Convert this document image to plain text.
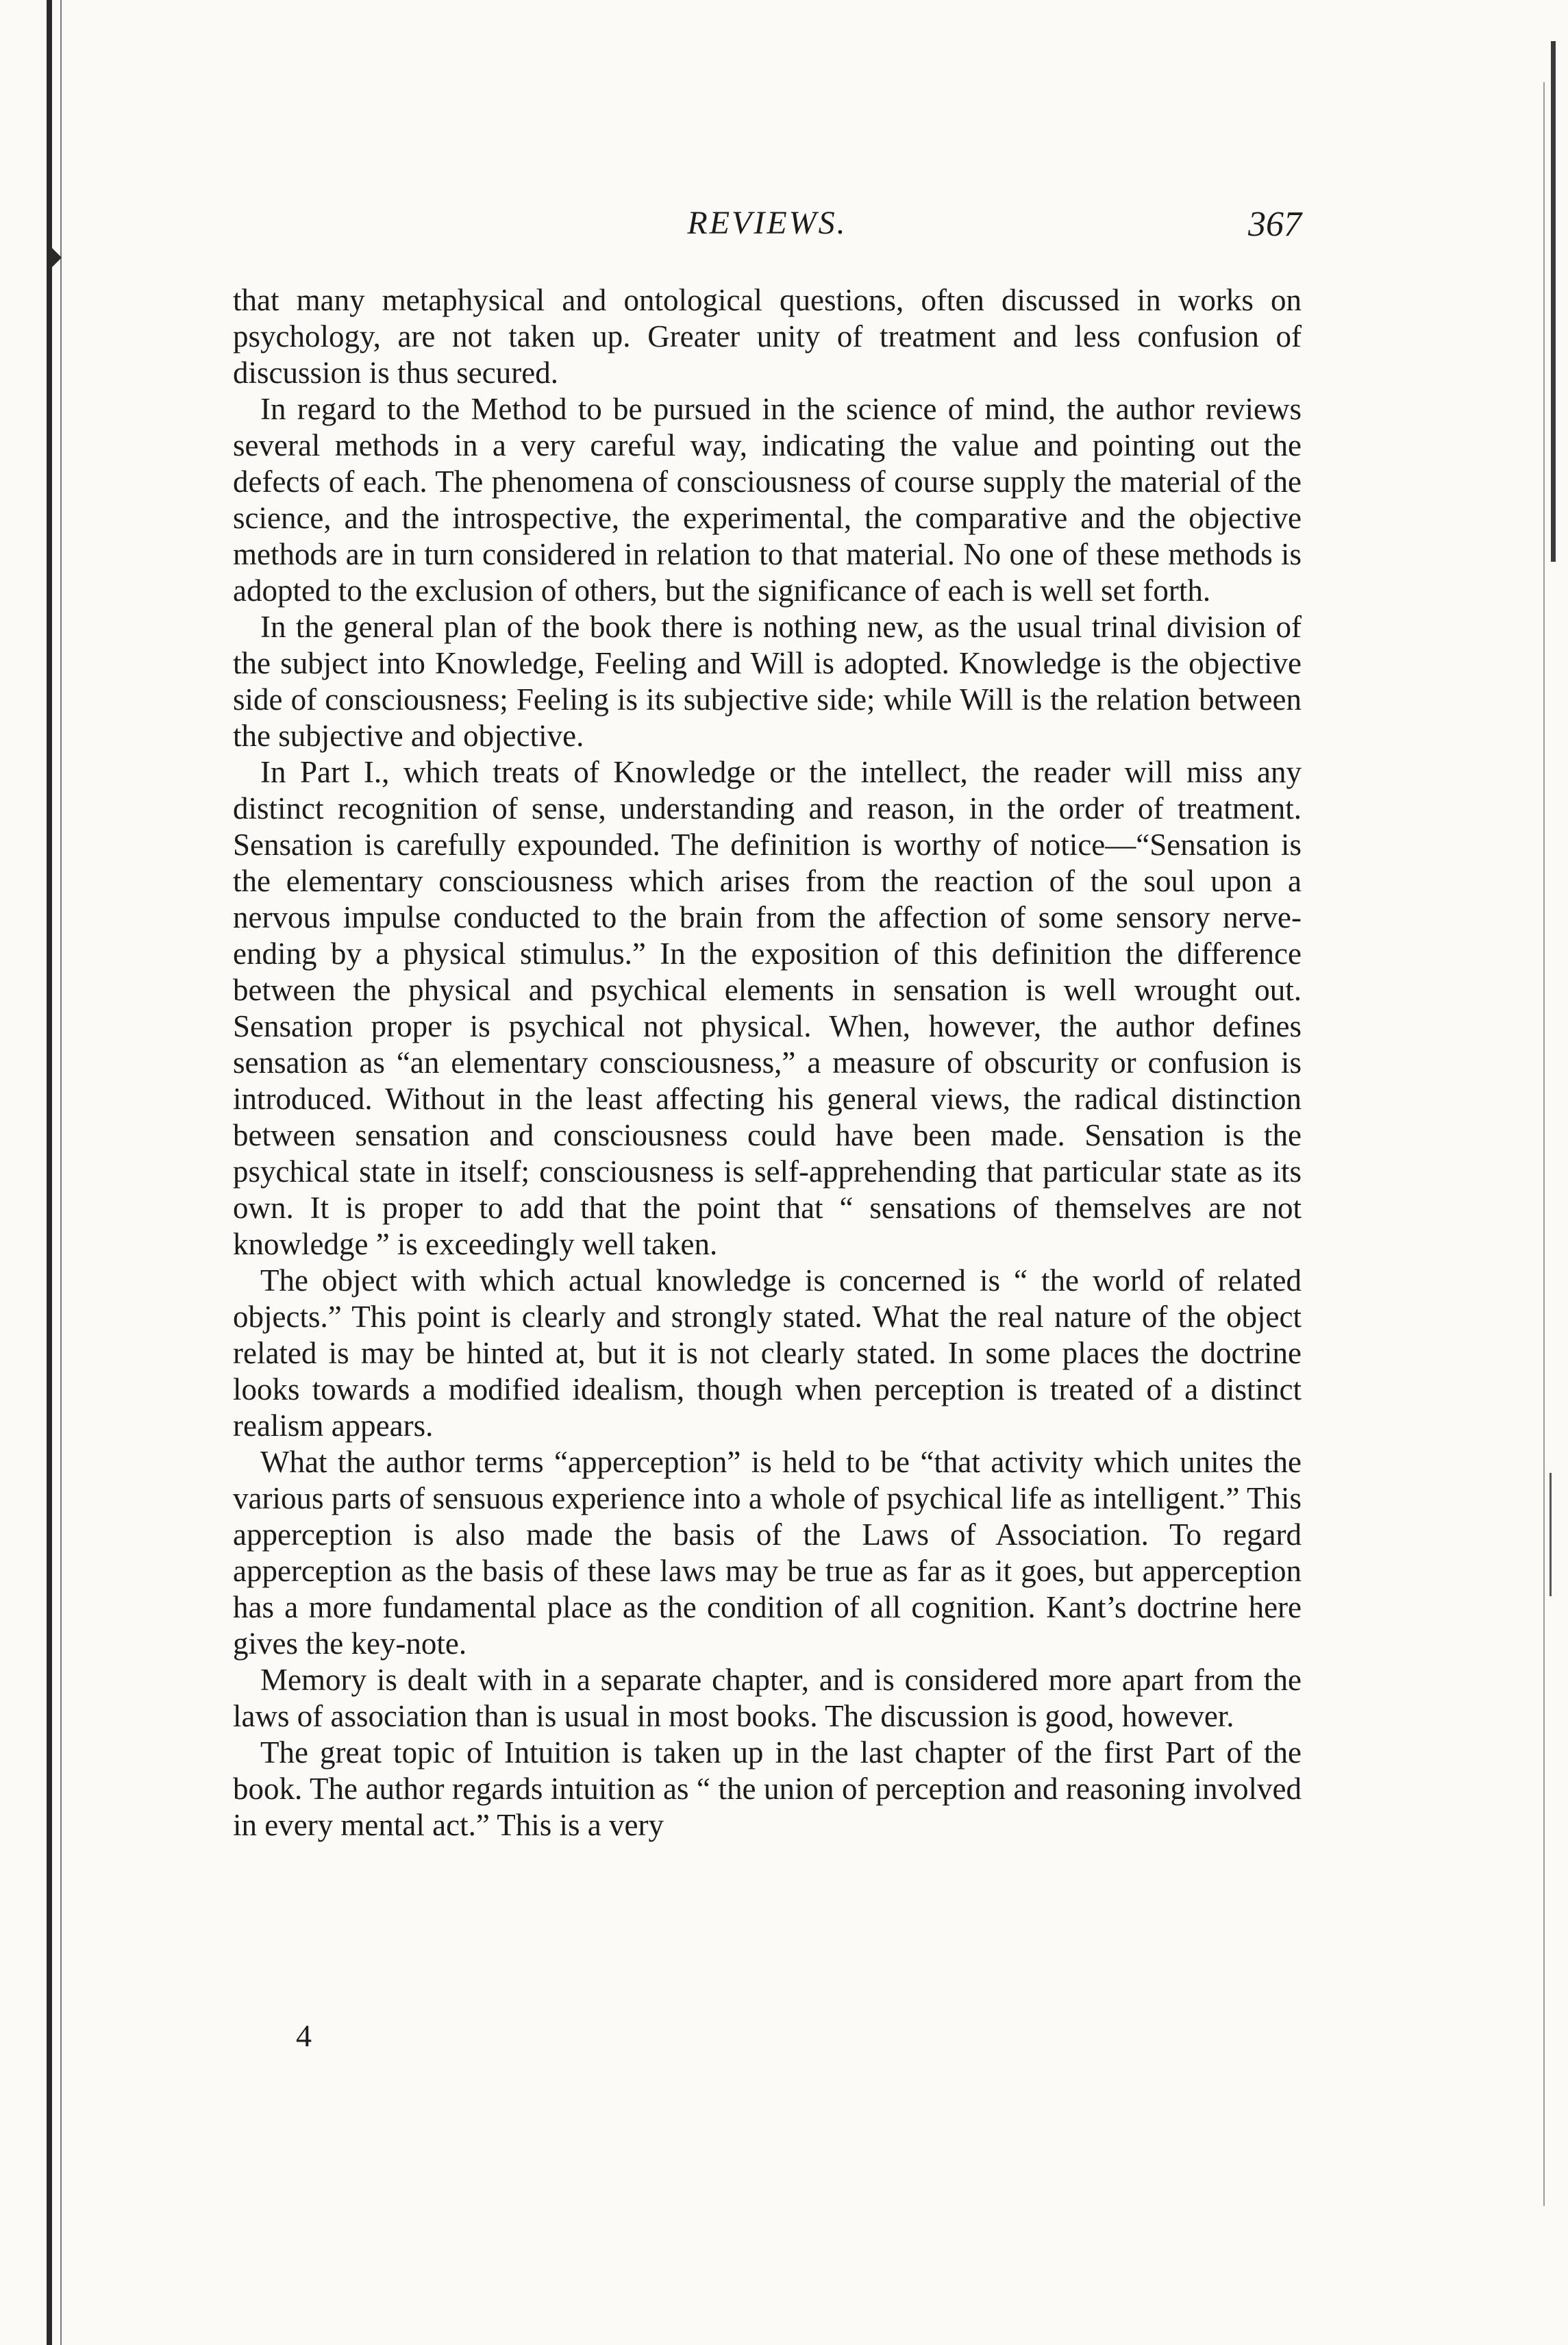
REVIEWS.	367

that many metaphysical and ontological questions, often discussed in works on psychology, are not taken up. Greater unity of treatment and less confusion of discussion is thus secured.

In regard to the Method to be pursued in the science of mind, the author reviews several methods in a very careful way, indicating the value and pointing out the defects of each. The phenomena of consciousness of course supply the material of the science, and the introspective, the experimental, the comparative and the objective methods are in turn considered in relation to that material. No one of these methods is adopted to the exclusion of others, but the significance of each is well set forth.

In the general plan of the book there is nothing new, as the usual trinal division of the subject into Knowledge, Feeling and Will is adopted. Knowledge is the objective side of consciousness; Feeling is its subjective side; while Will is the relation between the subjective and objective.

In Part I., which treats of Knowledge or the intellect, the reader will miss any distinct recognition of sense, understanding and reason, in the order of treatment. Sensation is carefully expounded. The definition is worthy of notice—“Sensation is the elementary consciousness which arises from the reaction of the soul upon a nervous impulse conducted to the brain from the affection of some sensory nerve-ending by a physical stimulus.” In the exposition of this definition the difference between the physical and psychical elements in sensation is well wrought out. Sensation proper is psychical not physical. When, however, the author defines sensation as “an elementary consciousness,” a measure of obscurity or confusion is introduced. Without in the least affecting his general views, the radical distinction between sensation and consciousness could have been made. Sensation is the psychical state in itself; consciousness is self-apprehending that particular state as its own. It is proper to add that the point that “ sensations of themselves are not knowledge ” is exceedingly well taken.

The object with which actual knowledge is concerned is “ the world of related objects.” This point is clearly and strongly stated. What the real nature of the object related is may be hinted at, but it is not clearly stated. In some places the doctrine looks towards a modified idealism, though when perception is treated of a distinct realism appears.

What the author terms “apperception” is held to be “that activity which unites the various parts of sensuous experience into a whole of psychical life as intelligent.” This apperception is also made the basis of the Laws of Association. To regard apperception as the basis of these laws may be true as far as it goes, but apperception has a more fundamental place as the condition of all cognition. Kant’s doctrine here gives the key-note.

Memory is dealt with in a separate chapter, and is considered more apart from the laws of association than is usual in most books. The discussion is good, however.

The great topic of Intuition is taken up in the last chapter of the first Part of the book. The author regards intuition as “ the union of perception and reasoning involved in every mental act.” This is a very

4
